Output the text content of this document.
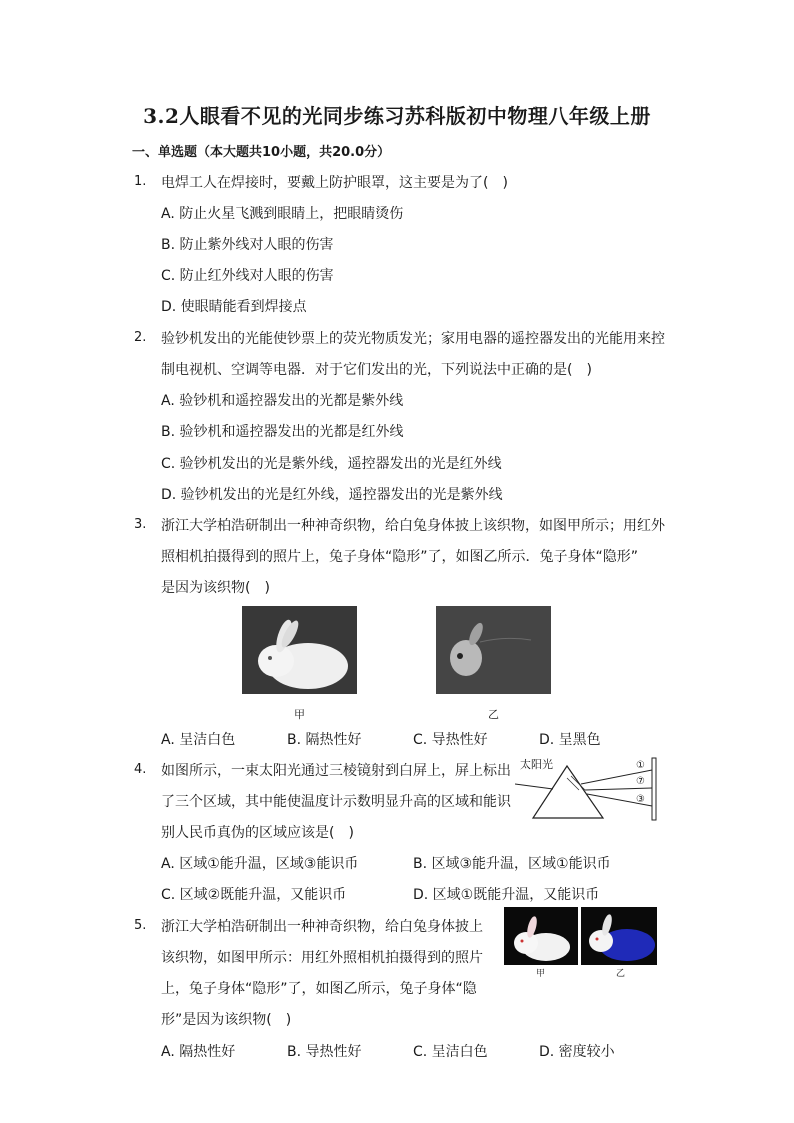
3.2人眼看不见的光同步练习苏科版初中物理八年级上册
一、单选题（本大题共10小题，共20.0分）
1. 电焊工人在焊接时，要戴上防护眼罩，这主要是为了(　)
A. 防止火星飞溅到眼睛上，把眼睛烫伤
B. 防止紫外线对人眼的伤害
C. 防止红外线对人眼的伤害
D. 使眼睛能看到焊接点
2. 验钞机发出的光能使钞票上的荧光物质发光；家用电器的遥控器发出的光能用来控
制电视机、空调等电器．对于它们发出的光，下列说法中正确的是(　)
A. 验钞机和遥控器发出的光都是紫外线
B. 验钞机和遥控器发出的光都是红外线
C. 验钞机发出的光是紫外线，遥控器发出的光是红外线
D. 验钞机发出的光是红外线，遥控器发出的光是紫外线
3. 浙江大学柏浩研制出一种神奇织物，给白兔身体披上该织物，如图甲所示；用红外
照相机拍摄得到的照片上，兔子身体“隐形”了，如图乙所示．兔子身体“隐形”
是因为该织物(　)
甲	乙
A. 呈洁白色	B. 隔热性好	C. 导热性好	D. 呈黑色
4. 如图所示，一束太阳光通过三棱镜射到白屏上，屏上标出
了三个区域，其中能使温度计示数明显升高的区域和能识
别人民币真伪的区域应该是(　)
太阳光	①
⑦
③
A. 区域①能升温，区域③能识币	B. 区域③能升温，区域①能识币
C. 区域②既能升温，又能识币	D. 区域①既能升温，又能识币
5. 浙江大学柏浩研制出一种神奇织物，给白兔身体披上
该织物，如图甲所示：用红外照相机拍摄得到的照片
上，兔子身体“隐形”了，如图乙所示，兔子身体“隐
形”是因为该织物(　)
甲	乙
A. 隔热性好	B. 导热性好	C. 呈洁白色	D. 密度较小
